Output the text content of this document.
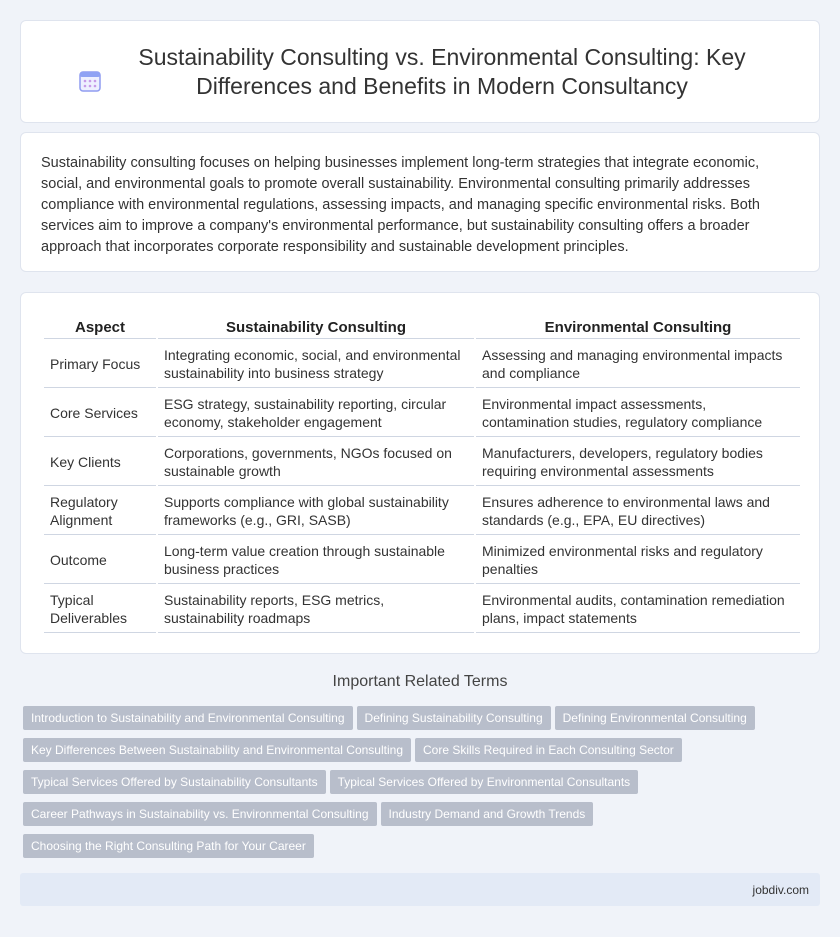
Sustainability Consulting vs. Environmental Consulting: Key Differences and Benefits in Modern Consultancy

Sustainability consulting focuses on helping businesses implement long-term strategies that integrate economic, social, and environmental goals to promote overall sustainability. Environmental consulting primarily addresses compliance with environmental regulations, assessing impacts, and managing specific environmental risks. Both services aim to improve a company's environmental performance, but sustainability consulting offers a broader approach that incorporates corporate responsibility and sustainable development principles.

Aspect	Sustainability Consulting	Environmental Consulting
Primary Focus	Integrating economic, social, and environmental sustainability into business strategy	Assessing and managing environmental impacts and compliance
Core Services	ESG strategy, sustainability reporting, circular economy, stakeholder engagement	Environmental impact assessments, contamination studies, regulatory compliance
Key Clients	Corporations, governments, NGOs focused on sustainable growth	Manufacturers, developers, regulatory bodies requiring environmental assessments
Regulatory Alignment	Supports compliance with global sustainability frameworks (e.g., GRI, SASB)	Ensures adherence to environmental laws and standards (e.g., EPA, EU directives)
Outcome	Long-term value creation through sustainable business practices	Minimized environmental risks and regulatory penalties
Typical Deliverables	Sustainability reports, ESG metrics, sustainability roadmaps	Environmental audits, contamination remediation plans, impact statements
Important Related Terms
Introduction to Sustainability and Environmental Consulting Defining Sustainability Consulting Defining Environmental Consulting
Key Differences Between Sustainability and Environmental Consulting Core Skills Required in Each Consulting Sector
Typical Services Offered by Sustainability Consultants Typical Services Offered by Environmental Consultants
Career Pathways in Sustainability vs. Environmental Consulting Industry Demand and Growth Trends
Choosing the Right Consulting Path for Your Career
jobdiv.com
